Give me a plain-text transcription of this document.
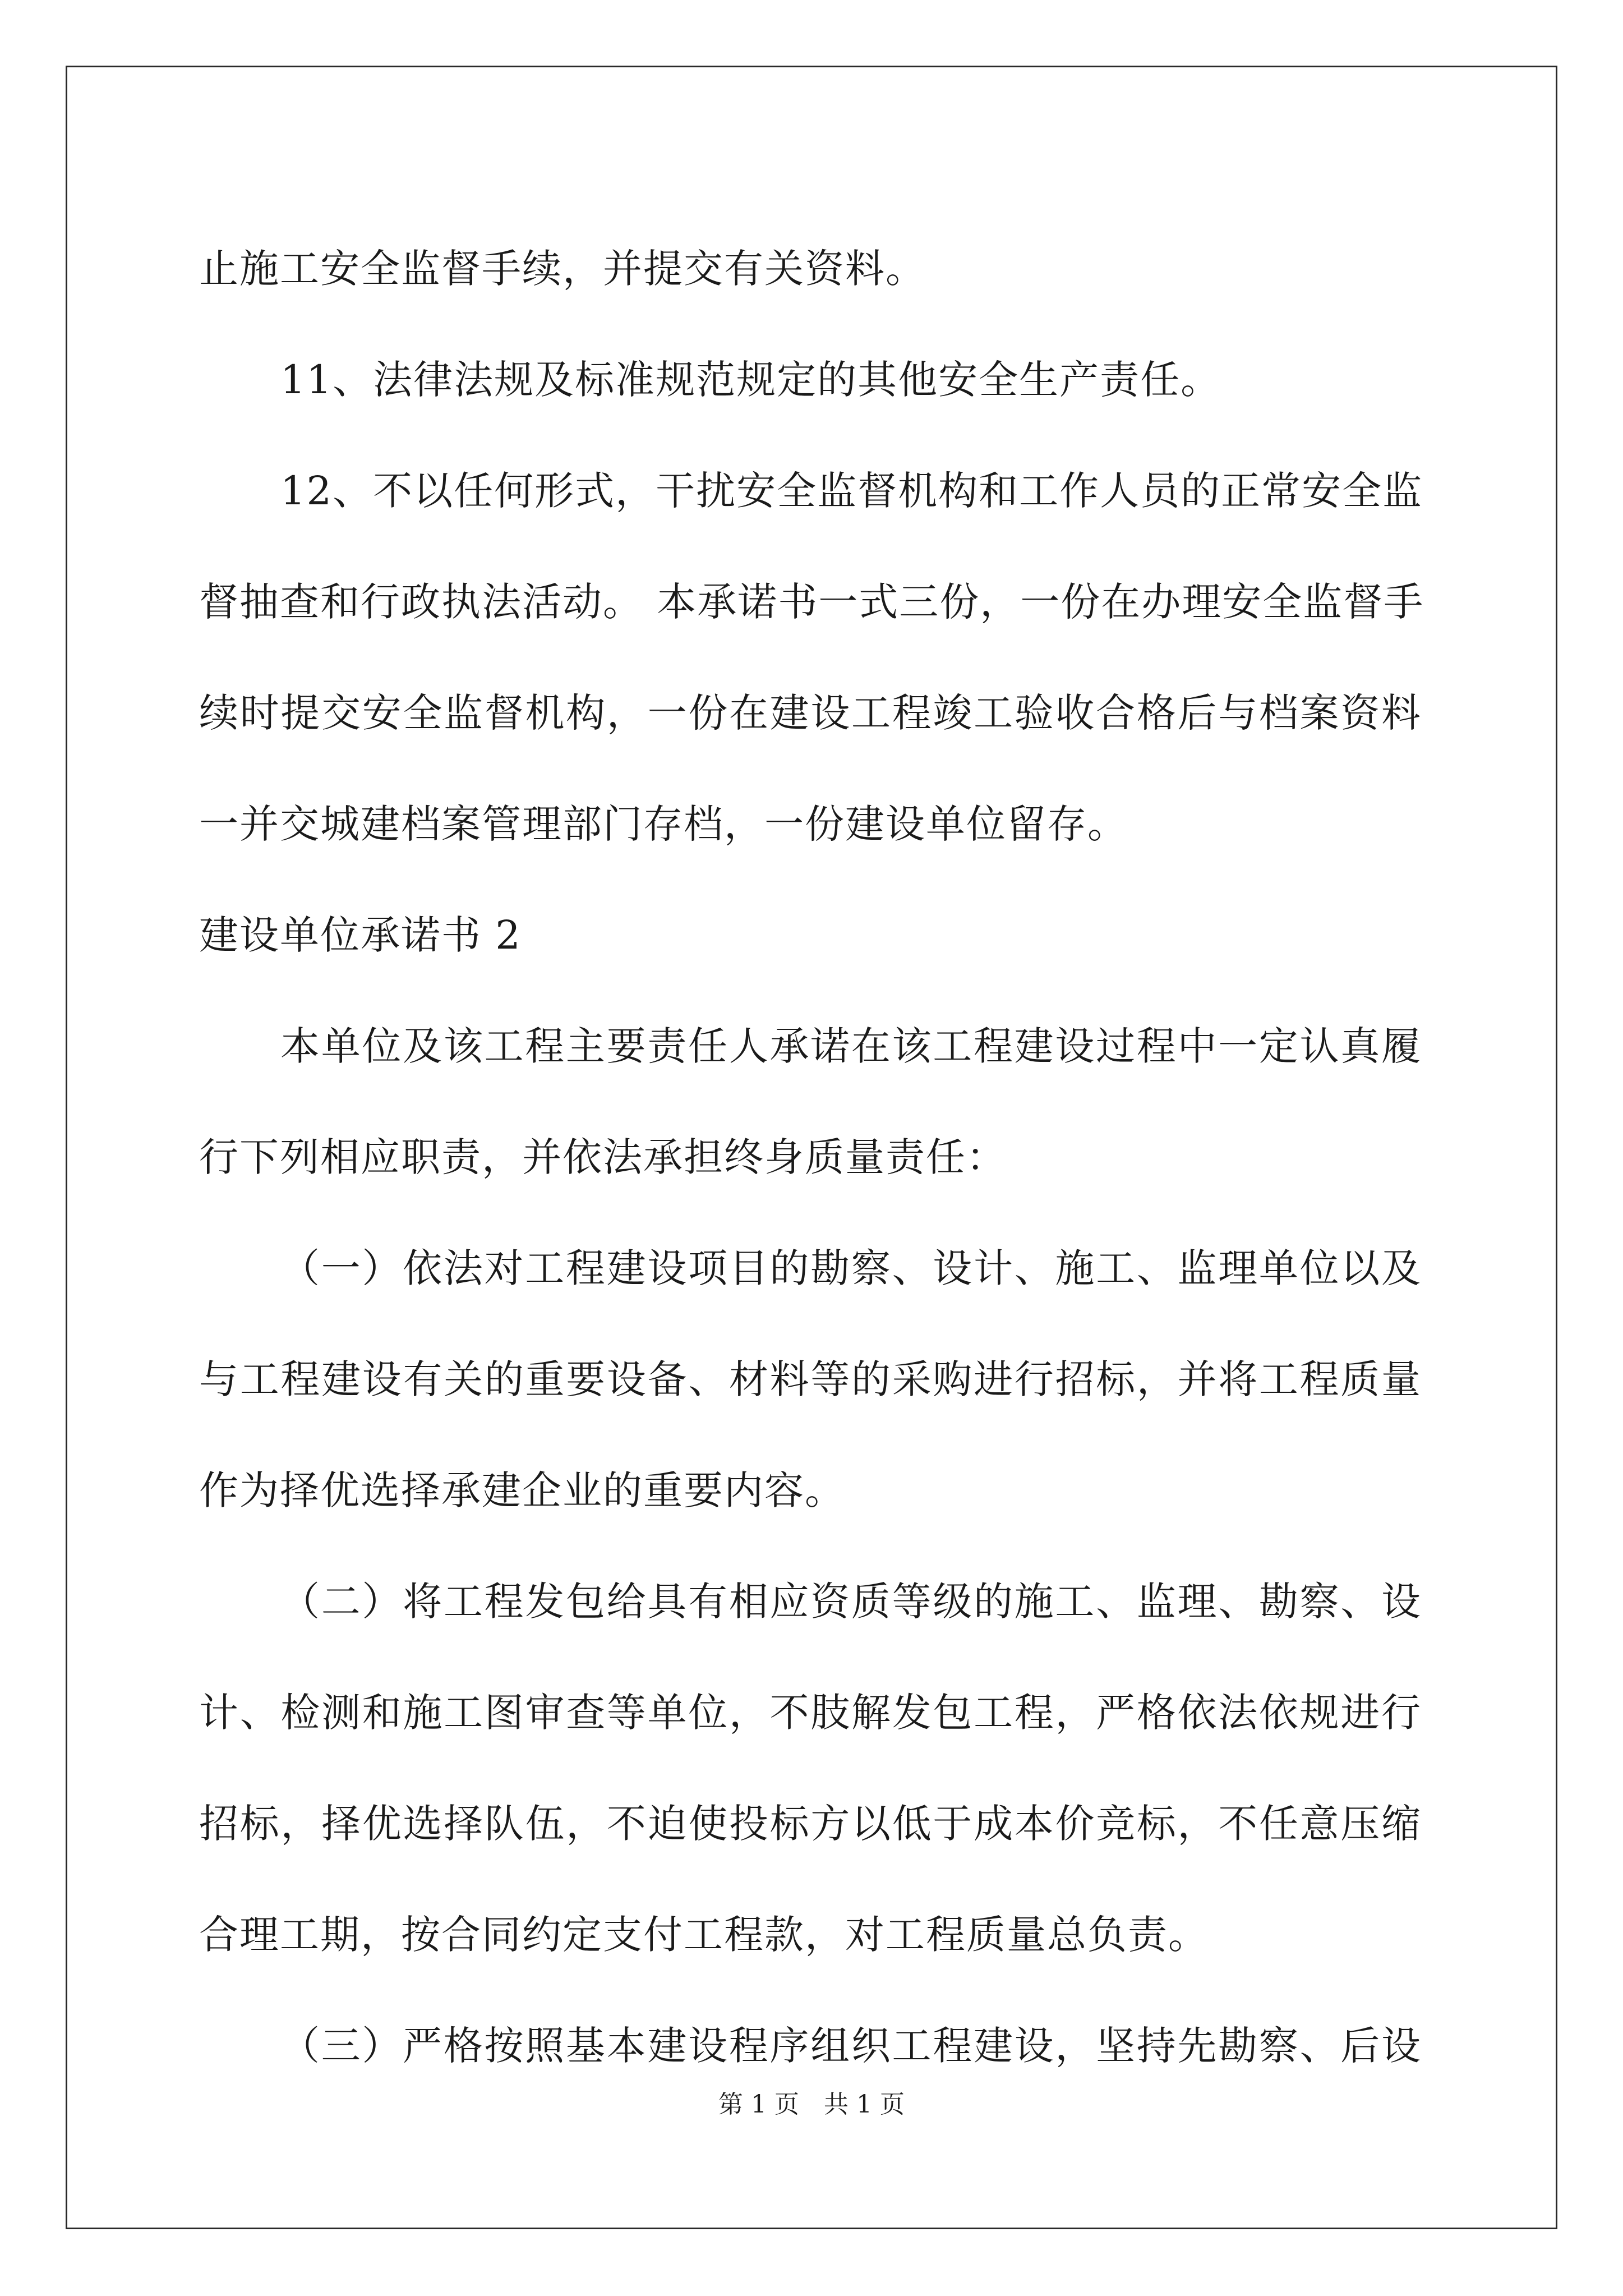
止施工安全监督手续，并提交有关资料。
11、法律法规及标准规范规定的其他安全生产责任。
12、不以任何形式，干扰安全监督机构和工作人员的正常安全监
督抽查和行政执法活动。 本承诺书一式三份，一份在办理安全监督手
续时提交安全监督机构，一份在建设工程竣工验收合格后与档案资料
一并交城建档案管理部门存档，一份建设单位留存。
建设单位承诺书 2
本单位及该工程主要责任人承诺在该工程建设过程中一定认真履
行下列相应职责，并依法承担终身质量责任：
（一）依法对工程建设项目的勘察、设计、施工、监理单位以及
与工程建设有关的重要设备、材料等的采购进行招标，并将工程质量
作为择优选择承建企业的重要内容。
（二）将工程发包给具有相应资质等级的施工、监理、勘察、设
计、检测和施工图审查等单位，不肢解发包工程，严格依法依规进行
招标，择优选择队伍，不迫使投标方以低于成本价竞标，不任意压缩
合理工期，按合同约定支付工程款，对工程质量总负责。
（三）严格按照基本建设程序组织工程建设，坚持先勘察、后设
第 1 页 共 1 页
